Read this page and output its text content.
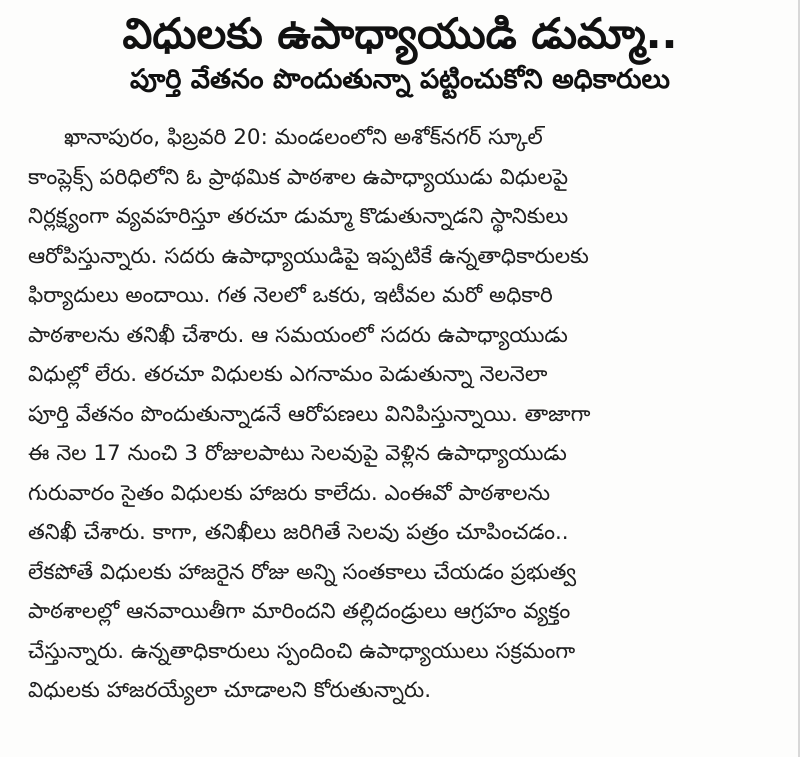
విధులకు ఉపాధ్యాయుడి డుమ్మా..
పూర్తి వేతనం పొందుతున్నా పట్టించుకోని అధికారులు
ఖానాపురం, ఫిబ్రవరి 20: మండలంలోని అశోక్‌నగర్ స్కూల్
కాంప్లెక్స్ పరిధిలోని ఓ ప్రాథమిక పాఠశాల ఉపాధ్యాయుడు విధులపై
నిర్లక్ష్యంగా వ్యవహరిస్తూ తరచూ డుమ్మా కొడుతున్నాడని స్థానికులు
ఆరోపిస్తున్నారు. సదరు ఉపాధ్యాయుడిపై ఇప్పటికే ఉన్నతాధికారులకు
ఫిర్యాదులు అందాయి. గత నెలలో ఒకరు, ఇటీవల మరో అధికారి
పాఠశాలను తనిఖీ చేశారు. ఆ సమయంలో సదరు ఉపాధ్యాయుడు
విధుల్లో లేరు. తరచూ విధులకు ఎగనామం పెడుతున్నా నెలనెలా
పూర్తి వేతనం పొందుతున్నాడనే ఆరోపణలు వినిపిస్తున్నాయి. తాజాగా
ఈ నెల 17 నుంచి 3 రోజులపాటు సెలవుపై వెళ్లిన ఉపాధ్యాయుడు
గురువారం సైతం విధులకు హాజరు కాలేదు. ఎంఈవో పాఠశాలను
తనిఖీ చేశారు. కాగా, తనిఖీలు జరిగితే సెలవు పత్రం చూపించడం..
లేకపోతే విధులకు హాజరైన రోజు అన్ని సంతకాలు చేయడం ప్రభుత్వ
పాఠశాలల్లో ఆనవాయితీగా మారిందని తల్లిదండ్రులు ఆగ్రహం వ్యక్తం
చేస్తున్నారు. ఉన్నతాధికారులు స్పందించి ఉపాధ్యాయులు సక్రమంగా
విధులకు హాజరయ్యేలా చూడాలని కోరుతున్నారు.
